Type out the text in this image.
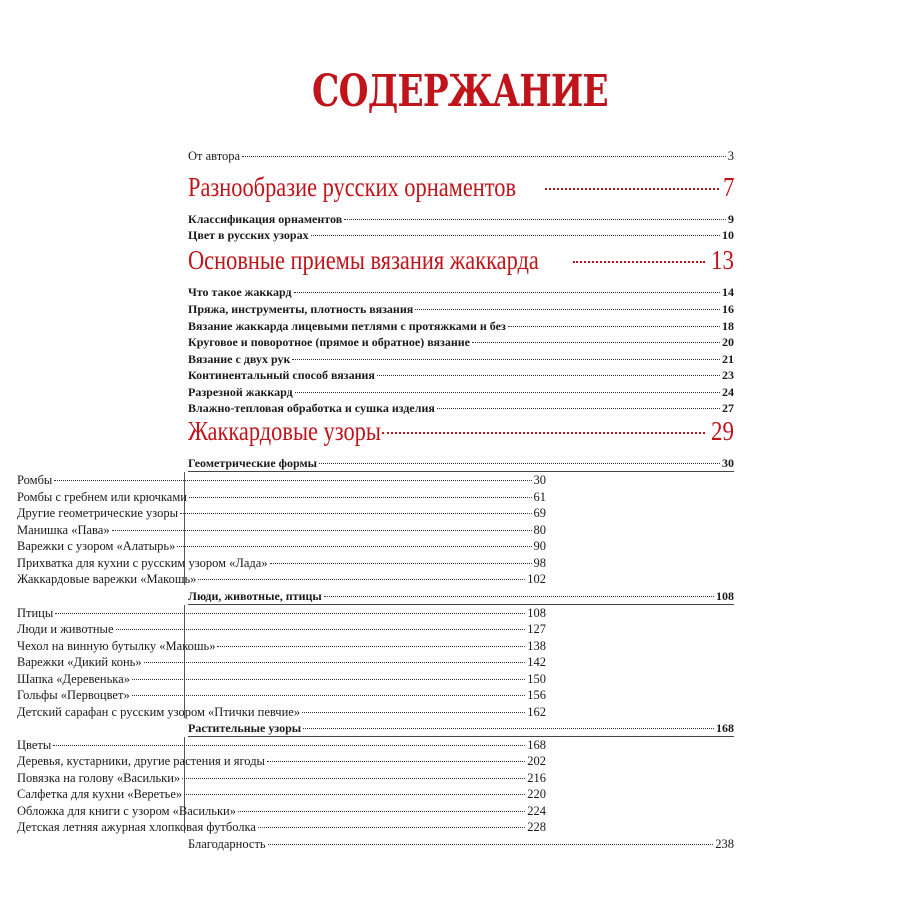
СОДЕРЖАНИЕ
От автора	3
Разнообразие русских орнаментов	7
Классификация орнаментов	9
Цвет в русских узорах	10
Основные приемы вязания жаккарда	13
Что такое жаккард	14
Пряжа, инструменты, плотность вязания	16
Вязание жаккарда лицевыми петлями с протяжками и без	18
Круговое и поворотное (прямое и обратное) вязание	20
Вязание с двух рук	21
Континентальный способ вязания	23
Разрезной жаккард	24
Влажно-тепловая обработка и сушка изделия	27
Жаккардовые узоры	29
Геометрические формы	30
Ромбы	30
Ромбы с гребнем или крючками	61
Другие геометрические узоры	69
Манишка «Пава»	80
Варежки с узором «Алатырь»	90
Прихватка для кухни с русским узором «Лада»	98
Жаккардовые варежки «Макошь»	102
Люди, животные, птицы	108
Птицы	108
Люди и животные	127
Чехол на винную бутылку «Макошь»	138
Варежки «Дикий конь»	142
Шапка «Деревенька»	150
Гольфы «Первоцвет»	156
Детский сарафан с русским узором «Птички певчие»	162
Растительные узоры	168
Цветы	168
Деревья, кустарники, другие растения и ягоды	202
Повязка на голову «Васильки»	216
Салфетка для кухни «Веретье»	220
Обложка для книги с узором «Васильки»	224
Детская летняя ажурная хлопковая футболка	228
Благодарность	238
